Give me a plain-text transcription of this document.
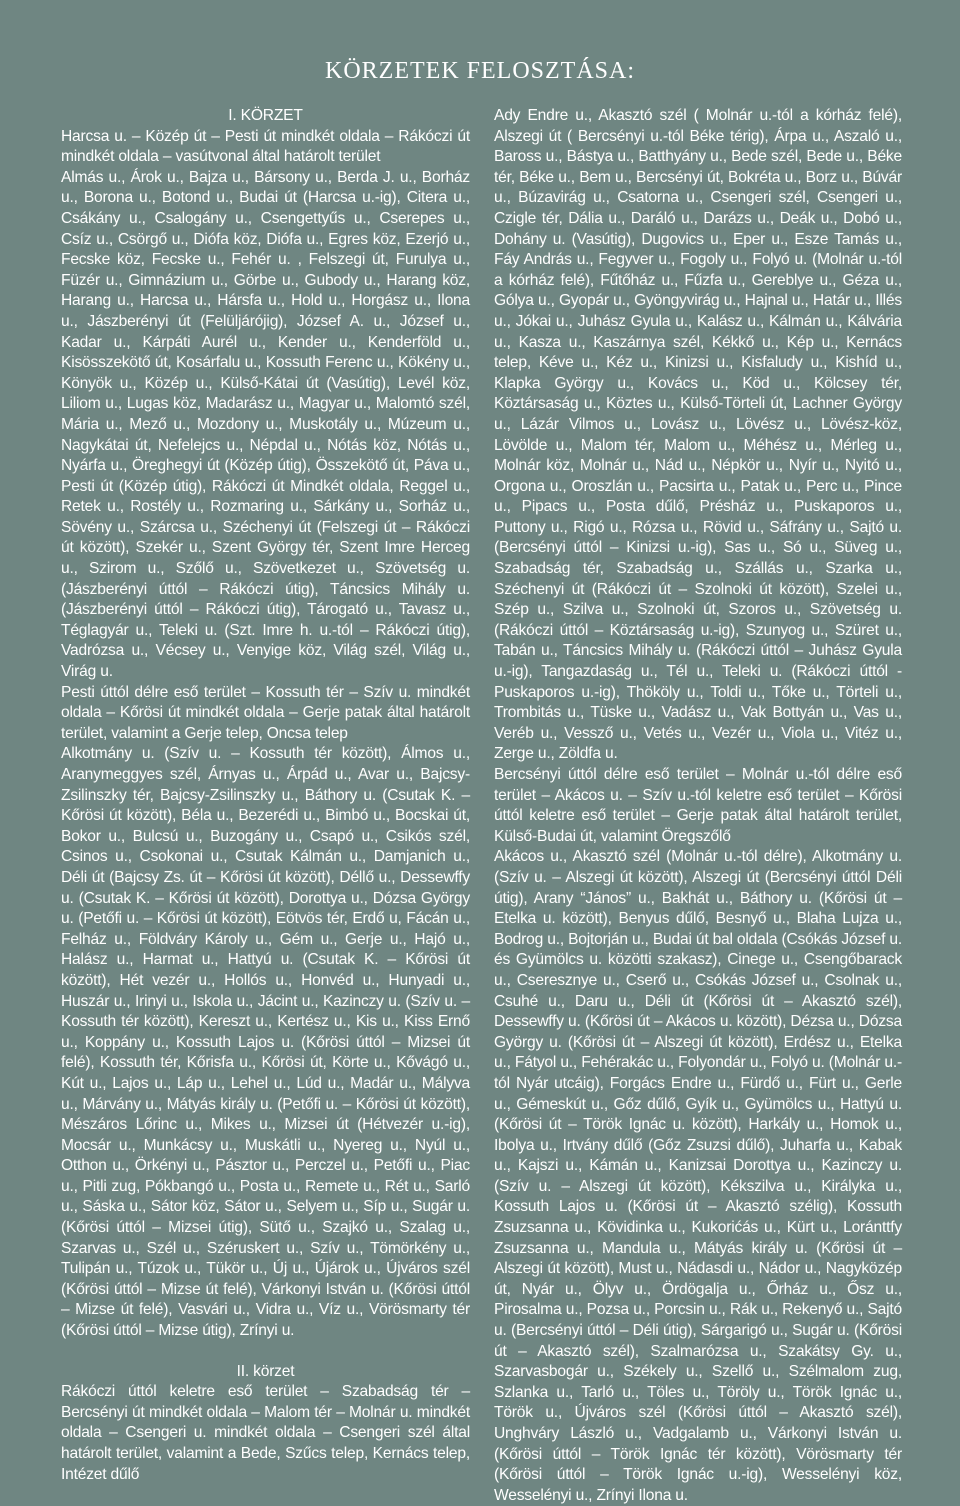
KÖRZETEK FELOSZTÁSA:

I. KÖRZET

Harcsa u. – Közép út – Pesti út mindkét oldala – Rákóczi út mindkét oldala – vasútvonal által határolt terület

Almás u., Árok u., Bajza u., Bársony u., Berda J. u., Borház u., Borona u., Botond u., Budai út (Harcsa u.-ig), Citera u., Csákány u., Csalogány u., Csengettyűs u., Cserepes u., Csíz u., Csörgő u., Diófa köz, Diófa u., Egres köz, Ezerjó u., Fecske köz, Fecske u., Fehér u. , Felszegi út, Furulya u., Füzér u., Gimnázium u., Görbe u., Gubody u., Harang köz, Harang u., Harcsa u., Hársfa u., Hold u., Horgász u., Ilona u., Jászberényi út (Felüljárójig), József A. u., József u., Kadar u., Kárpáti Aurél u., Kender u., Kenderföld u., Kisösszekötő út, Kosárfalu u., Kossuth Ferenc u., Kökény u., Könyök u., Közép u., Külső-Kátai út (Vasútig), Levél köz, Liliom u., Lugas köz, Madarász u., Magyar u., Malomtó szél, Mária u., Mező u., Mozdony u., Muskotály u., Múzeum u., Nagykátai út, Nefelejcs u., Népdal u., Nótás köz, Nótás u., Nyárfa u., Öreghegyi út (Közép útig), Összekötő út, Páva u., Pesti út (Közép útig), Rákóczi út Mindkét oldala, Reggel u., Retek u., Rostély u., Rozmaring u., Sárkány u., Sorház u., Sövény u., Szárcsa u., Széchenyi út (Felszegi út – Rákóczi út között), Szekér u., Szent György tér, Szent Imre Herceg u., Szirom u., Szőlő u., Szövetkezet u., Szövetség u. (Jászberényi úttól – Rákóczi útig), Táncsics Mihály u. (Jászberényi úttól – Rákóczi útig), Tárogató u., Tavasz u., Téglagyár u., Teleki u. (Szt. Imre h. u.-tól – Rákóczi útig), Vadrózsa u., Vécsey u., Venyige köz, Világ szél, Világ u., Virág u.

Pesti úttól délre eső terület – Kossuth tér – Szív u. mindkét oldala – Kőrösi út mindkét oldala – Gerje patak által határolt terület, valamint a Gerje telep, Oncsa telep

Alkotmány u. (Szív u. – Kossuth tér között), Álmos u., Aranymeggyes szél, Árnyas u., Árpád u., Avar u., Bajcsy-Zsilinszky tér, Bajcsy-Zsilinszky u., Báthory u. (Csutak K. – Kőrösi út között), Béla u., Bezerédi u., Bimbó u., Bocskai út, Bokor u., Bulcsú u., Buzogány u., Csapó u., Csikós szél, Csinos u., Csokonai u., Csutak Kálmán u., Damjanich u., Déli út (Bajcsy Zs. út – Kőrösi út között), Déllő u., Dessewffy u. (Csutak K. – Kőrösi út között), Dorottya u., Dózsa György u. (Petőfi u. – Kőrösi út között), Eötvös tér, Erdő u, Fácán u., Felház u., Földváry Károly u., Gém u., Gerje u., Hajó u., Halász u., Harmat u., Hattyú u. (Csutak K. – Kőrösi út között), Hét vezér u., Hollós u., Honvéd u., Hunyadi u., Huszár u., Irinyi u., Iskola u., Jácint u., Kazinczy u. (Szív u. – Kossuth tér között), Kereszt u., Kertész u., Kis u., Kiss Ernő u., Koppány u., Kossuth Lajos u. (Kőrösi úttól – Mizsei út felé), Kossuth tér, Kőrisfa u., Kőrösi út, Körte u., Kővágó u., Kút u., Lajos u., Láp u., Lehel u., Lúd u., Madár u., Mályva u., Márvány u., Mátyás király u. (Petőfi u. – Kőrösi út között), Mészáros Lőrinc u., Mikes u., Mizsei út (Hétvezér u.-ig), Mocsár u., Munkácsy u., Muskátli u., Nyereg u., Nyúl u., Otthon u., Örkényi u., Pásztor u., Perczel u., Petőfi u., Piac u., Pitli zug, Pókbangó u., Posta u., Remete u., Rét u., Sarló u., Sáska u., Sátor köz, Sátor u., Selyem u., Síp u., Sugár u. (Kőrösi úttól – Mizsei útig), Sütő u., Szajkó u., Szalag u., Szarvas u., Szél u., Széruskert u., Szív u., Tömörkény u., Tulipán u., Túzok u., Tükör u., Új u., Újárok u., Újváros szél (Kőrösi úttól – Mizse út felé), Várkonyi István u. (Kőrösi úttól – Mizse út felé), Vasvári u., Vidra u., Víz u., Vörösmarty tér (Kőrösi úttól – Mizse útig), Zrínyi u.

II. körzet

Rákóczi úttól keletre eső terület – Szabadság tér – Bercsényi út mindkét oldala – Malom tér – Molnár u. mindkét oldala – Csengeri u. mindkét oldala – Csengeri szél által határolt terület, valamint a Bede, Szűcs telep, Kernács telep, Intézet dűlő

Ady Endre u., Akasztó szél ( Molnár u.-tól a kórház felé), Alszegi út ( Bercsényi u.-tól Béke térig), Árpa u., Aszaló u., Baross u., Bástya u., Batthyány u., Bede szél, Bede u., Béke tér, Béke u., Bem u., Bercsényi út, Bokréta u., Borz u., Búvár u., Búzavirág u., Csatorna u., Csengeri szél, Csengeri u., Czigle tér, Dália u., Daráló u., Darázs u., Deák u., Dobó u., Dohány u. (Vasútig), Dugovics u., Eper u., Esze Tamás u., Fáy András u., Fegyver u., Fogoly u., Folyó u. (Molnár u.-tól a kórház felé), Fűtőház u., Fűzfa u., Gereblye u., Géza u., Gólya u., Gyopár u., Gyöngyvirág u., Hajnal u., Határ u., Illés u., Jókai u., Juhász Gyula u., Kalász u., Kálmán u., Kálvária u., Kasza u., Kaszárnya szél, Kékkő u., Kép u., Kernács telep, Kéve u., Kéz u., Kinizsi u., Kisfaludy u., Kishíd u., Klapka György u., Kovács u., Köd u., Kölcsey tér, Köztársaság u., Köztes u., Külső-Törteli út, Lachner György u., Lázár Vilmos u., Lovász u., Lövész u., Lövész-köz, Lövölde u., Malom tér, Malom u., Méhész u., Mérleg u., Molnár köz, Molnár u., Nád u., Népkör u., Nyír u., Nyitó u., Orgona u., Oroszlán u., Pacsirta u., Patak u., Perc u., Pince u., Pipacs u., Posta dűlő, Présház u., Puskaporos u., Puttony u., Rigó u., Rózsa u., Rövid u., Sáfrány u., Sajtó u. (Bercsényi úttól – Kinizsi u.-ig), Sas u., Só u., Süveg u., Szabadság tér, Szabadság u., Szállás u., Szarka u., Széchenyi út (Rákóczi út – Szolnoki út között), Szelei u., Szép u., Szilva u., Szolnoki út, Szoros u., Szövetség u. (Rákóczi úttól – Köztársaság u.-ig), Szunyog u., Szüret u., Tabán u., Táncsics Mihály u. (Rákóczi úttól – Juhász Gyula u.-ig), Tangazdaság u., Tél u., Teleki u. (Rákóczi úttól -Puskaporos u.-ig), Thököly u., Toldi u., Tőke u., Törteli u., Trombitás u., Tüske u., Vadász u., Vak Bottyán u., Vas u., Veréb u., Vessző u., Vetés u., Vezér u., Viola u., Vitéz u., Zerge u., Zöldfa u.

Bercsényi úttól délre eső terület – Molnár u.-tól délre eső terület – Akácos u. – Szív u.-tól keletre eső terület – Kőrösi úttól keletre eső terület – Gerje patak által határolt terület, Külső-Budai út, valamint Öregszőlő

Akácos u., Akasztó szél (Molnár u.-tól délre), Alkotmány u. (Szív u. – Alszegi út között), Alszegi út (Bercsényi úttól Déli útig), Arany “János” u., Bakhát u., Báthory u. (Kőrösi út – Etelka u. között), Benyus dűlő, Besnyő u., Blaha Lujza u., Bodrog u., Bojtorján u., Budai út bal oldala (Csókás József u. és Gyümölcs u. közötti szakasz), Cinege u., Csengőbarack u., Cseresznye u., Cserő u., Csókás József u., Csolnak u., Csuhé u., Daru u., Déli út (Kőrösi út – Akasztó szél), Dessewffy u. (Kőrösi út – Akácos u. között), Dézsa u., Dózsa György u. (Kőrösi út – Alszegi út között), Erdész u., Etelka u., Fátyol u., Fehérakác u., Folyondár u., Folyó u. (Molnár u.-tól Nyár utcáig), Forgács Endre u., Fürdő u., Fürt u., Gerle u., Gémeskút u., Gőz dűlő, Gyík u., Gyümölcs u., Hattyú u. (Kőrösi út – Török Ignác u. között), Harkály u., Homok u., Ibolya u., Irtvány dűlő (Gőz Zsuzsi dűlő), Juharfa u., Kabak u., Kajszi u., Kámán u., Kanizsai Dorottya u., Kazinczy u. (Szív u. – Alszegi út között), Kékszilva u., Királyka u., Kossuth Lajos u. (Kőrösi út – Akasztó szélig), Kossuth Zsuzsanna u., Kövidinka u., Kukorićás u., Kürt u., Loránttfy Zsuzsanna u., Mandula u., Mátyás király u. (Kőrösi út – Alszegi út között), Must u., Nádasdi u., Nádor u., Nagyközép út, Nyár u., Ölyv u., Ördögalja u., Őrház u., Ősz u., Pirosalma u., Pozsa u., Porcsin u., Rák u., Rekenyő u., Sajtó u. (Bercsényi úttól – Déli útig), Sárgarigó u., Sugár u. (Kőrösi út – Akasztó szél), Szalmarózsa u., Szakátsy Gy. u., Szarvasbogár u., Székely u., Szellő u., Szélmalom zug, Szlanka u., Tarló u., Töles u., Töröly u., Török Ignác u., Török u., Újváros szél (Kőrösi úttól – Akasztó szél), Unghváry László u., Vadgalamb u., Várkonyi István u. (Kőrösi úttól – Török Ignác tér között), Vörösmarty tér (Kőrösi úttól – Török Ignác u.-ig), Wesselényi köz, Wesselényi u., Zrínyi Ilona u.
